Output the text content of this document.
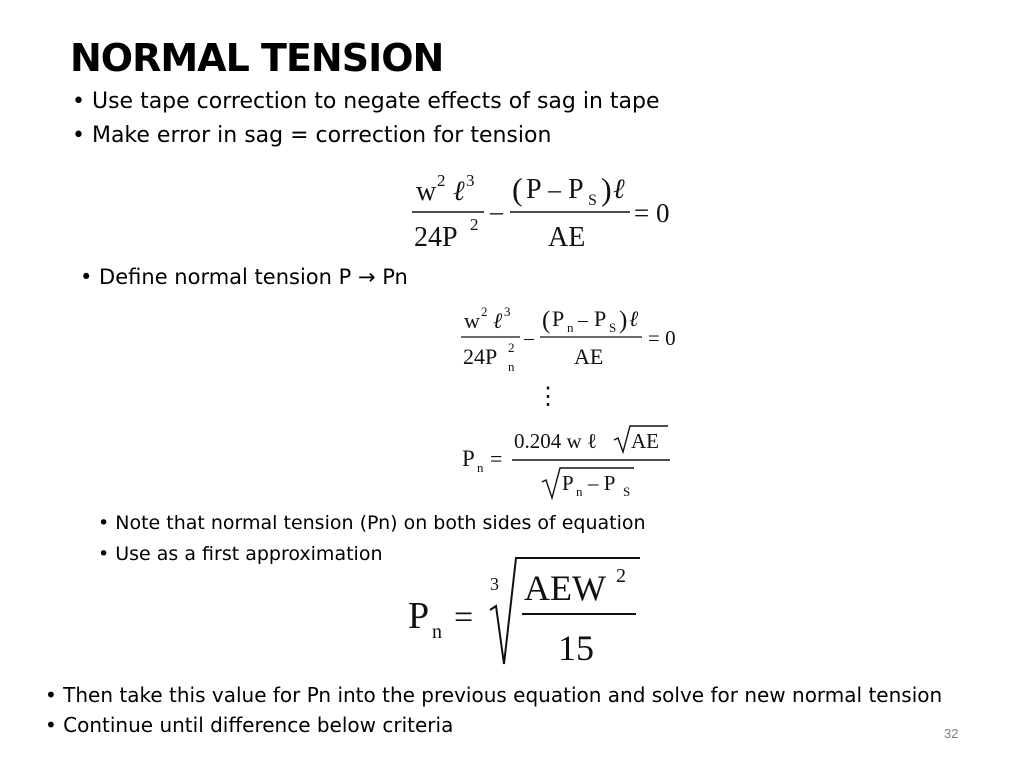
NORMAL TENSION
• Use tape correction to negate effects of sag in tape
• Make error in sag = correction for tension
w 2 ℓ 3
24P 2 –
( P – P S ) ℓ
AE
= 0
• Define normal tension P → Pn
w 2 ℓ 3
24P 2
n
–
( P n – P S ) ℓ
AE
= 0
⋮
P n =
0.204 w ℓ AE
P n – P S
• Note that normal tension (Pn) on both sides of equation
• Use as a first approximation
P n =
3 AEW 2
15
• Then take this value for Pn into the previous equation and solve for new normal tension
• Continue until difference below criteria	32
